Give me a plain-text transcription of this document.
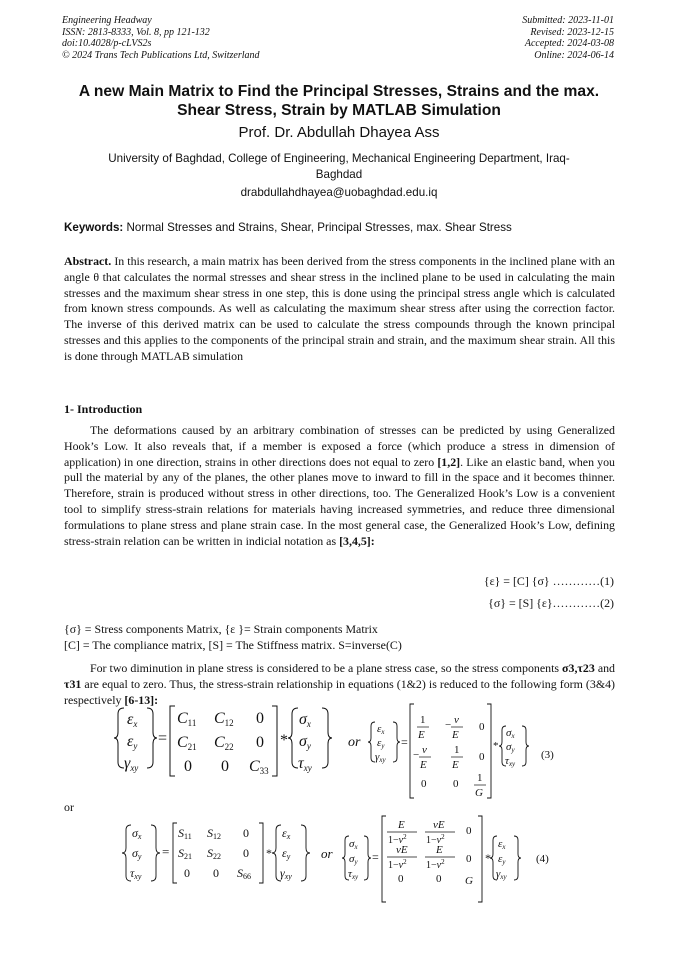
Engineering Headway
ISSN: 2813-8333, Vol. 8, pp 121-132
doi:10.4028/p-cLVS2s
© 2024 Trans Tech Publications Ltd, Switzerland
Submitted: 2023-11-01
Revised: 2023-12-15
Accepted: 2024-03-08
Online: 2024-06-14
A new Main Matrix to Find the Principal Stresses, Strains and the max.
Shear Stress, Strain by MATLAB Simulation
Prof. Dr. Abdullah Dhayea Ass
University of Baghdad, College of Engineering, Mechanical Engineering Department, Iraq-
Baghdad
drabdullahdhayea@uobaghdad.edu.iq
Keywords: Normal Stresses and Strains, Shear, Principal Stresses, max. Shear Stress
Abstract. In this research, a main matrix has been derived from the stress components in the inclined plane with an angle θ that calculates the normal stresses and shear stress in the inclined plane to be used in calculating the main stresses and the maximum shear stress in one step, this is done using the principal stress angle which is calculated from known stress compounds. As well as calculating the maximum shear stress after using the correction factor. The inverse of this derived matrix can be used to calculate the stress compounds through the known principal stresses and this applies to the components of the principal strain and strain, and the maximum shear strain. All this is done through MATLAB simulation
1- Introduction
The deformations caused by an arbitrary combination of stresses can be predicted by using Generalized Hook’s Low. It also reveals that, if a member is exposed a force (which produce a stress in dimension of application) in one direction, strains in other directions does not equal to zero [1,2]. Like an elastic band, when you pull the material by any of the planes, the other planes move to inward to fill in the space and it becomes thinner. Therefore, strain is produced without stress in other directions, too. The Generalized Hook’s Low is a convenient tool to simplify stress-strain relations for materials having increased symmetries, and reduce three dimensional formulations to plane stress and plane strain case. In the most general case, the Generalized Hook’s Low, defining stress-strain relation can be written in indicial notation as [3,4,5]:
{ε} = [C] {σ} …………(1)
{σ} = [S] {ε}…………(2)
{σ} = Stress components Matrix, {ε }= Strain components Matrix
[C] = The compliance matrix, [S] = The Stiffness matrix. S=inverse(C)
For two diminution in plane stress is considered to be a plane stress case, so the stress components σ3,τ23 and τ31 are equal to zero. Thus, the stress-strain relationship in equations (1&2) is reduced to the following form (3&4) respectively [6-13]:
or
εx
εy
γxy
=
C11 C12 0
C21 C22 0
0 0 C33
*
σx
σy
τxy
or
εx
εy
γxy
=
1
E
− ν
E
0
− ν
E
1
E
0
0 0 1
G
*
σx
σy
τxy
(3)
σx
σy
τxy
=
S11 S12 0
S21 S22 0
0 0 S66
*
εx
εy
γxy
or
σx
σy
τxy
=
E
$1-\nu^2$
νE
$1-\nu^2$ 0
νE
$1-\nu^2$
E
$1-\nu^2$ 0
0	0 G
*
εx
εy
γxy
(4)
